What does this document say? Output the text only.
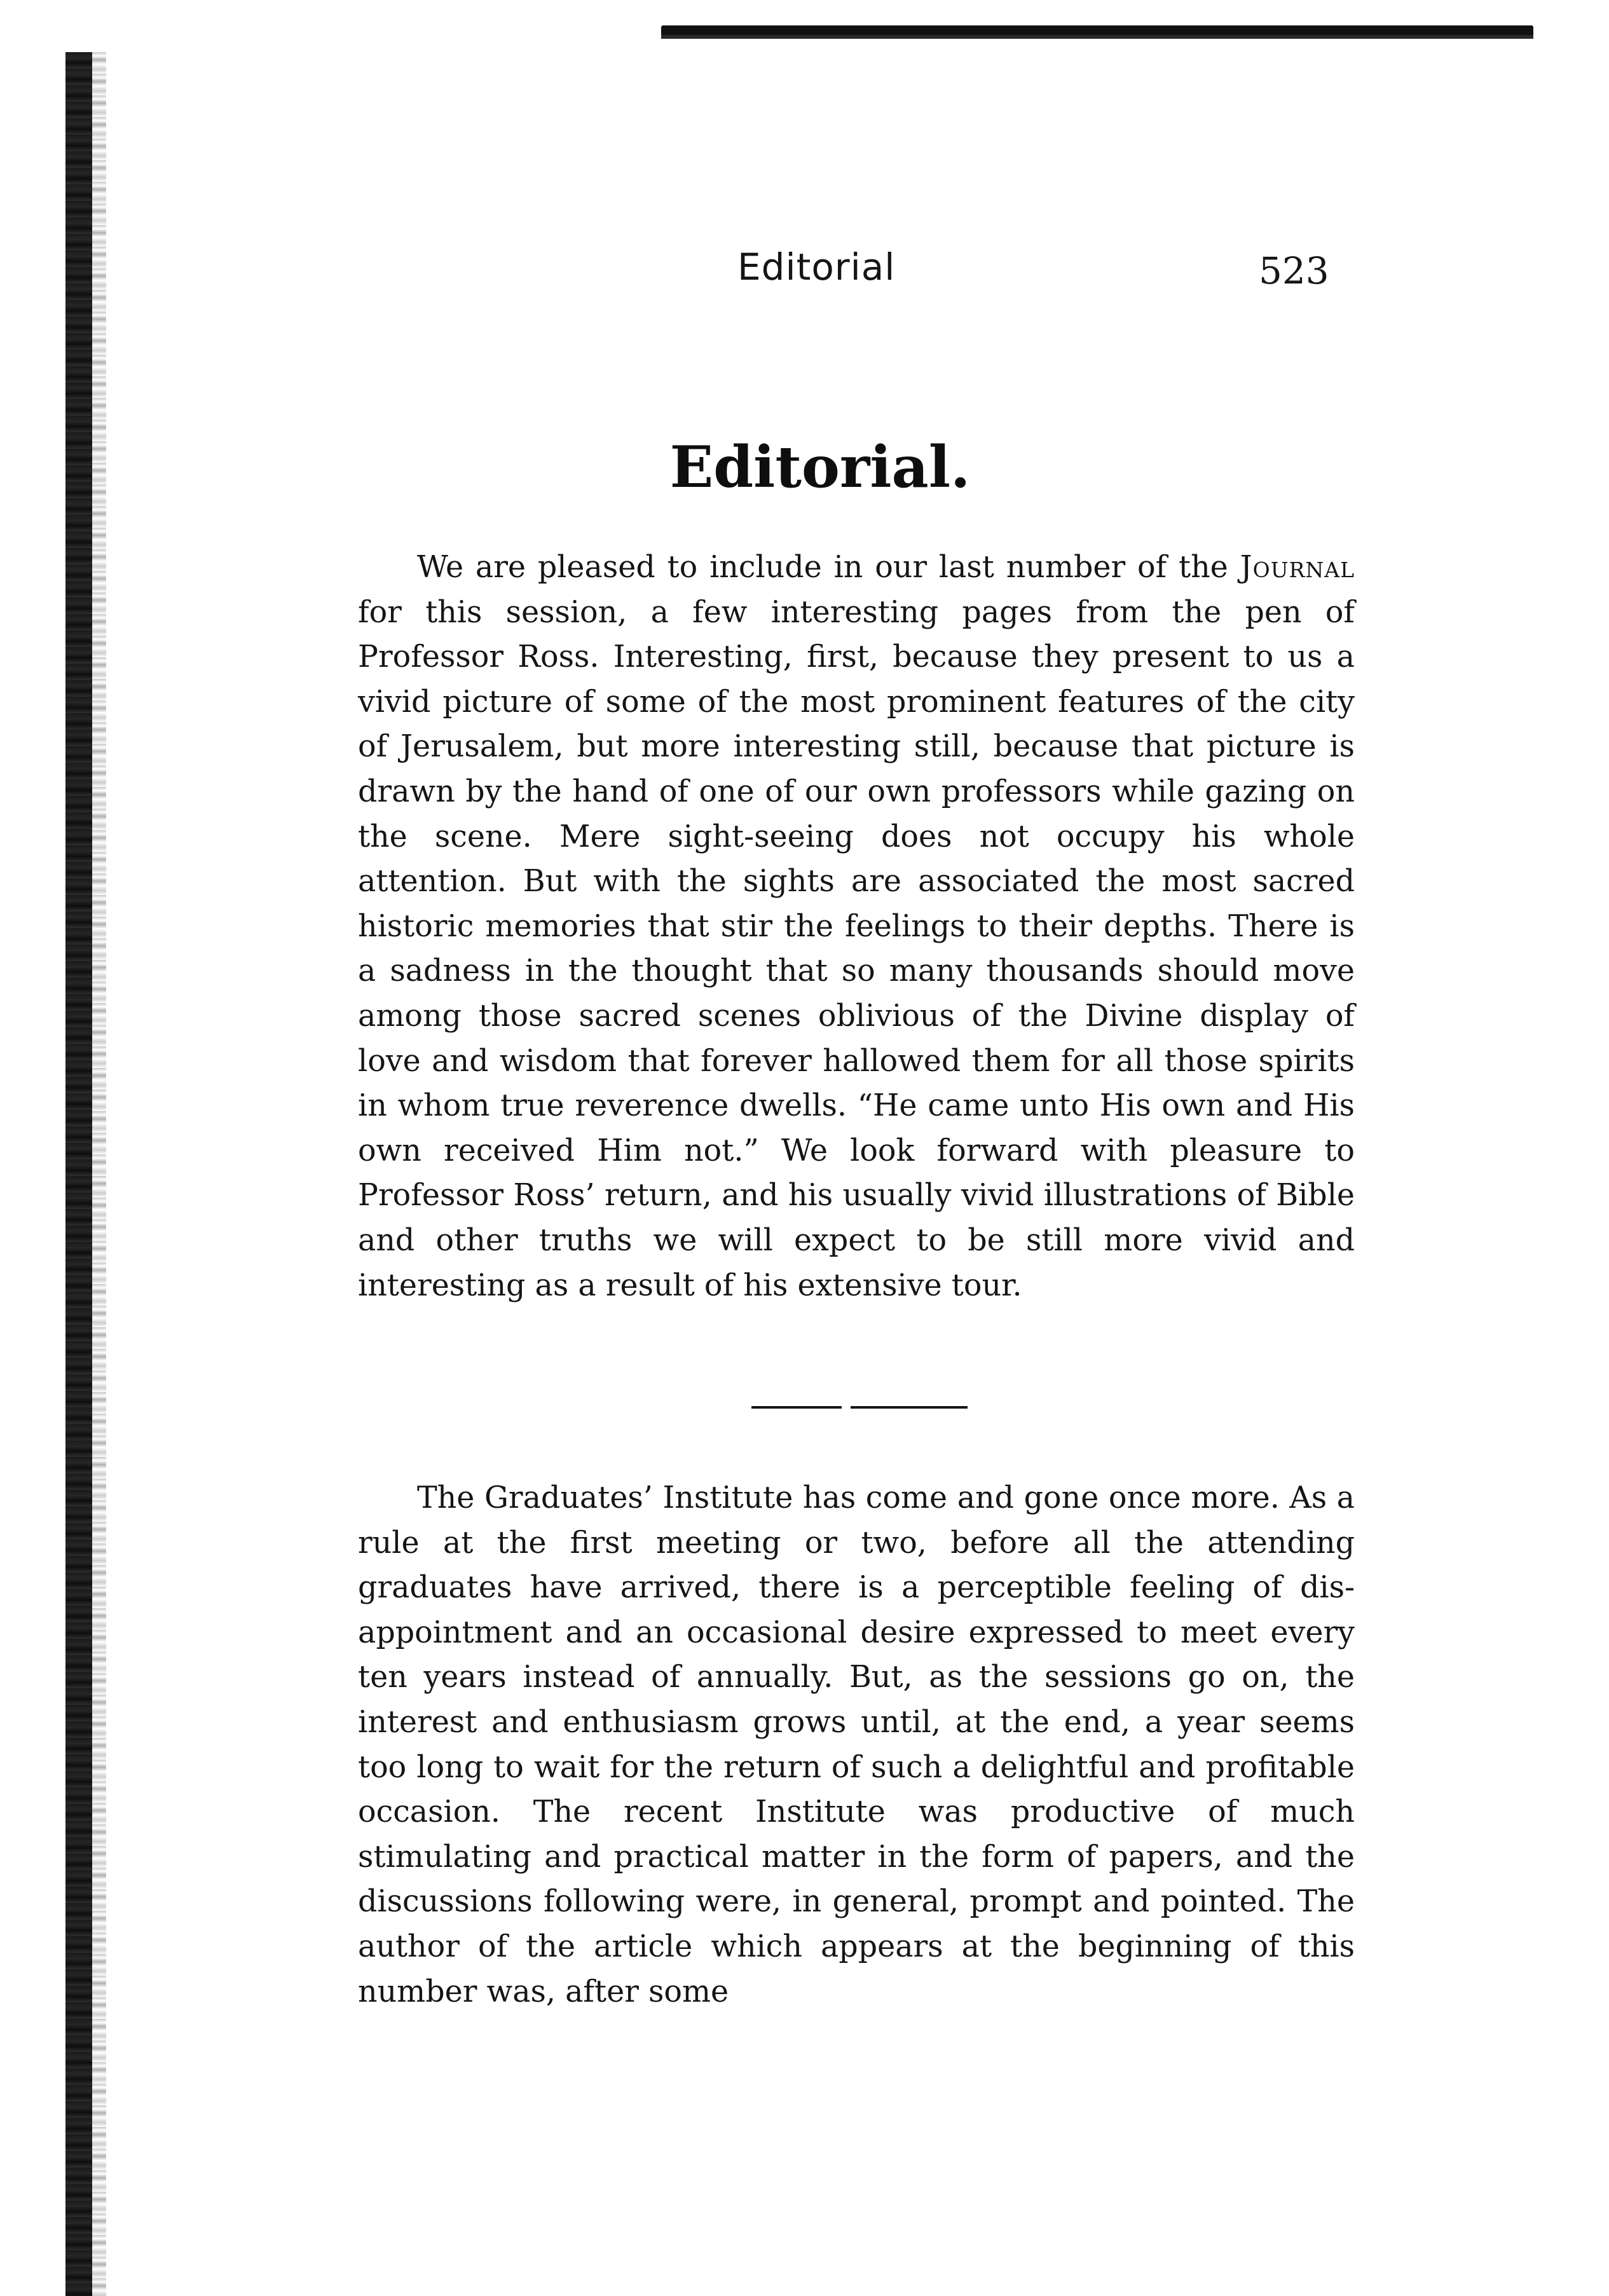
Editorial	523
Editorial.

We are pleased to include in our last number of the Journal for this session, a few interesting pages from the pen of Professor Ross. Interesting, first, because they present to us a vivid picture of some of the most prominent features of the city of Jerusalem, but more interesting still, because that picture is drawn by the hand of one of our own professors while gazing on the scene. Mere sight-seeing does not occupy his whole attention. But with the sights are associated the most sacred historic memories that stir the feelings to their depths. There is a sadness in the thought that so many thousands should move among those sacred scenes oblivious of the Divine display of love and wisdom that forever hallowed them for all those spirits in whom true reverence dwells. “He came unto His own and His own received Him not.” We look forward with pleasure to Professor Ross’ return, and his usually vivid illustrations of Bible and other truths we will expect to be still more vivid and interesting as a result of his extensive tour.

The Graduates’ Institute has come and gone once more. As a rule at the first meeting or two, before all the attending graduates have arrived, there is a perceptible feeling of dis-appointment and an occasional desire expressed to meet every ten years instead of annually. But, as the sessions go on, the interest and enthusiasm grows until, at the end, a year seems too long to wait for the return of such a delightful and profitable occasion. The recent Institute was productive of much stimulating and practical matter in the form of papers, and the discussions following were, in general, prompt and pointed. The author of the article which appears at the beginning of this number was, after some
